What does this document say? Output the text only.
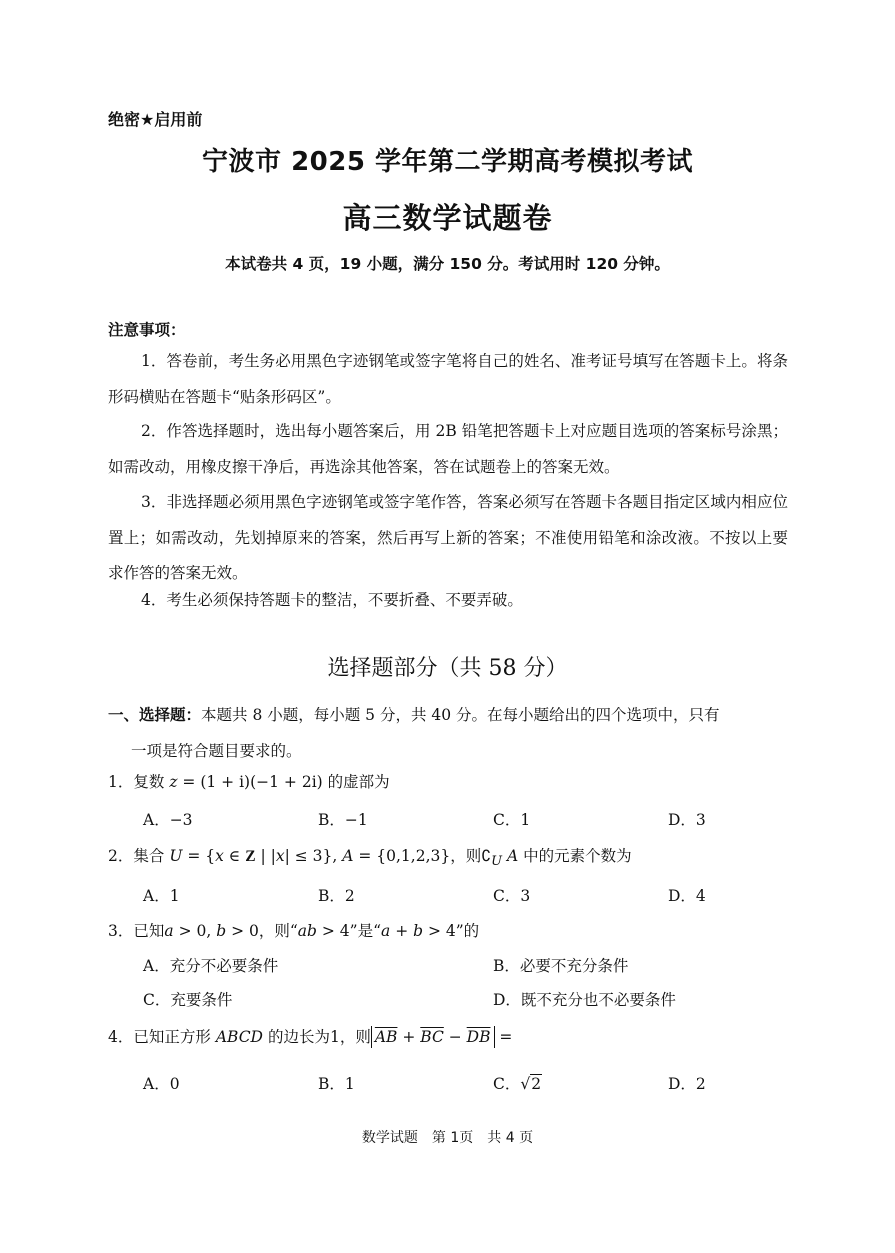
绝密★启用前
宁波市 2025 学年第二学期高考模拟考试
高三数学试题卷
本试卷共 4 页，19 小题，满分 150 分。考试用时 120 分钟。
注意事项：
1．答卷前，考生务必用黑色字迹钢笔或签字笔将自己的姓名、准考证号填写在答题卡上。将条形码横贴在答题卡“贴条形码区”。
2．作答选择题时，选出每小题答案后，用 2B 铅笔把答题卡上对应题目选项的答案标号涂黑；如需改动，用橡皮擦干净后，再选涂其他答案，答在试题卷上的答案无效。
3．非选择题必须用黑色字迹钢笔或签字笔作答，答案必须写在答题卡各题目指定区域内相应位置上；如需改动，先划掉原来的答案，然后再写上新的答案；不准使用铅笔和涂改液。不按以上要求作答的答案无效。
4．考生必须保持答题卡的整洁，不要折叠、不要弄破。
选择题部分（共 58 分）
一、选择题：本题共 8 小题，每小题 5 分，共 40 分。在每小题给出的四个选项中，只有
一项是符合题目要求的。
1．复数 z = (1 + i)(−1 + 2i) 的虚部为
A．−3	B．−1	C．1	D．3
2．集合 U = {x ∈ Z | |x| ≤ 3}, A = {0,1,2,3}，则$∁_U$ A 中的元素个数为
A．1	B．2	C．3	D．4
3．已知a > 0, b > 0，则“ab > 4”是“a + b > 4”的
A．充分不必要条件	B．必要不充分条件
C．充要条件	D．既不充分也不必要条件
4．已知正方形 ABCD 的边长为1，则 $\overline{AB} + \overline{BC} - \overline{DB}$ =
A．0	B．1	C．√2	D．2
数学试题　第 1页　共 4 页
